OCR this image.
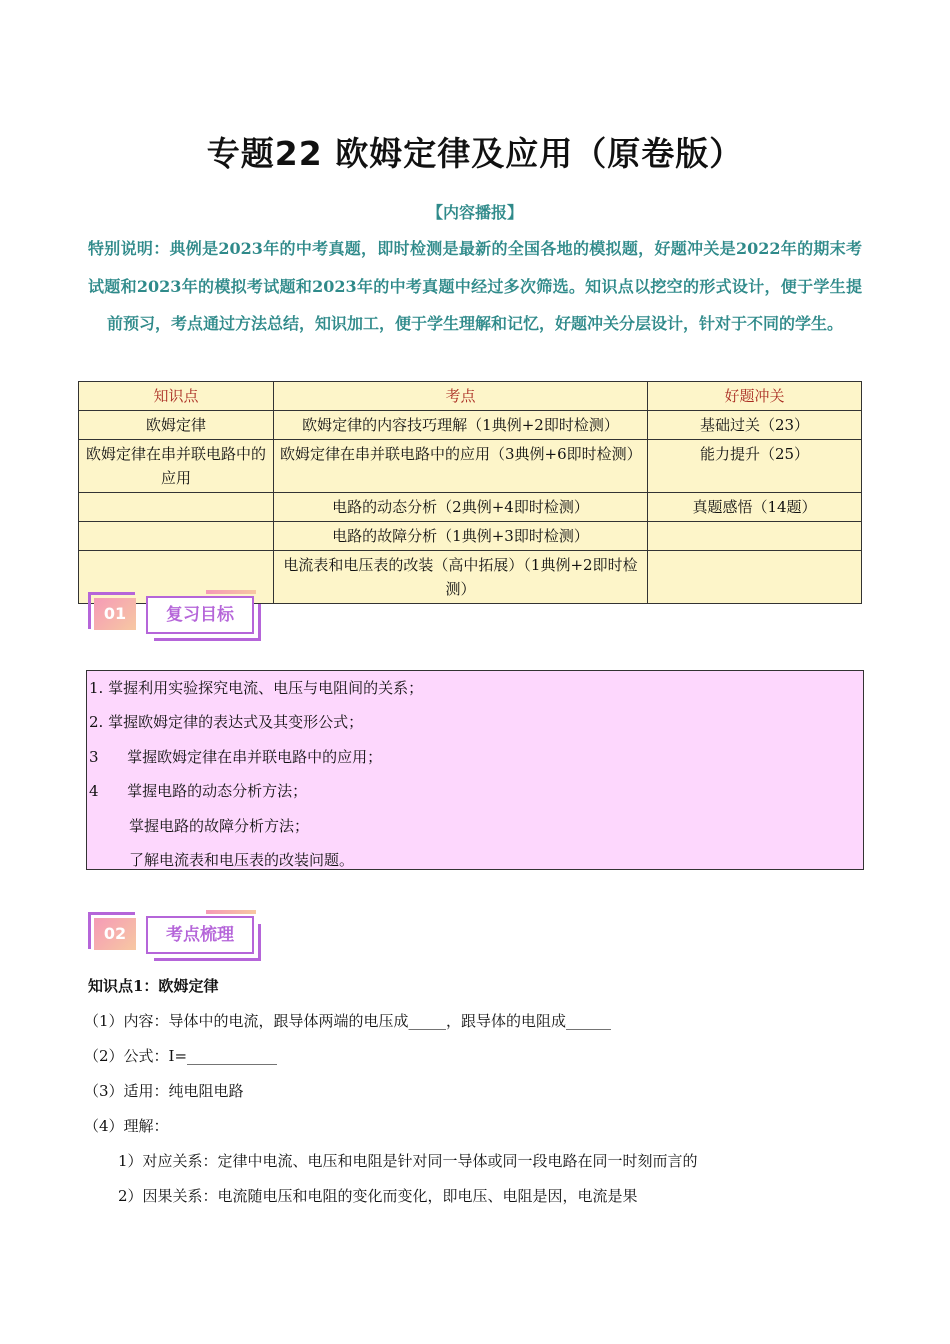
专题22 欧姆定律及应用（原卷版）
【内容播报】
特别说明：典例是2023年的中考真题，即时检测是最新的全国各地的模拟题，好题冲关是2022年的期末考试题和2023年的模拟考试题和2023年的中考真题中经过多次筛选。知识点以挖空的形式设计，便于学生提前预习，考点通过方法总结，知识加工，便于学生理解和记忆，好题冲关分层设计，针对于不同的学生。
知识点	考点	好题冲关
欧姆定律	欧姆定律的内容技巧理解（1典例+2即时检测）	基础过关（23）
欧姆定律在串并联电路中的应用	欧姆定律在串并联电路中的应用（3典例+6即时检测）	能力提升（25）
	电路的动态分析（2典例+4即时检测）	真题感悟（14题）
	电路的故障分析（1典例+3即时检测）	
	电流表和电压表的改装（高中拓展）（1典例+2即时检测）	
01	复习目标
1. 掌握利用实验探究电流、电压与电阻间的关系；
2. 掌握欧姆定律的表达式及其变形公式；
3      掌握欧姆定律在串并联电路中的应用；
4      掌握电路的动态分析方法；
掌握电路的故障分析方法；
了解电流表和电压表的改装问题。
02	考点梳理
知识点1：欧姆定律
（1）内容：导体中的电流，跟导体两端的电压成_____，跟导体的电阻成______
（2）公式：I=____________
（3）适用：纯电阻电路
（4）理解：
1）对应关系：定律中电流、电压和电阻是针对同一导体或同一段电路在同一时刻而言的
2）因果关系：电流随电压和电阻的变化而变化，即电压、电阻是因，电流是果
